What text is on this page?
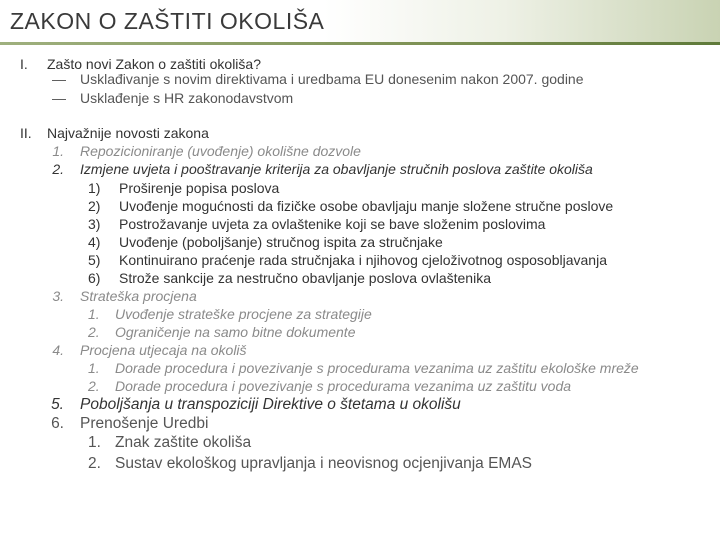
ZAKON O ZAŠTITI OKOLIŠA
I. Zašto novi Zakon o zaštiti okoliša?
— Usklađivanje s novim direktivama i uredbama EU donesenim nakon 2007. godine
— Usklađenje s HR zakonodavstvom
II. Najvažnije novosti zakona
1. Repozicioniranje (uvođenje) okolišne dozvole
2. Izmjene uvjeta i pooštravanje kriterija za obavljanje stručnih poslova zaštite okoliša
1) Proširenje popisa poslova
2) Uvođenje mogućnosti da fizičke osobe obavljaju manje složene stručne poslove
3) Postrožavanje uvjeta za ovlaštenike koji se bave složenim poslovima
4) Uvođenje (poboljšanje) stručnog ispita za stručnjake
5) Kontinuirano praćenje rada stručnjaka i njihovog cjeloživotnog osposobljavanja
6) Strože sankcije za nestručno obavljanje poslova ovlaštenika
3. Strateška procjena
1. Uvođenje strateške procjene za strategije
2. Ograničenje na samo bitne dokumente
4. Procjena utjecaja na okoliš
1. Dorade procedura i povezivanje s procedurama vezanima uz zaštitu ekološke mreže
2. Dorade procedura i povezivanje s procedurama vezanima uz zaštitu voda
5. Poboljšanja u transpoziciji Direktive o štetama u okolišu
6. Prenošenje Uredbi
1. Znak zaštite okoliša
2. Sustav ekološkog upravljanja i neovisnog ocjenjivanja EMAS
